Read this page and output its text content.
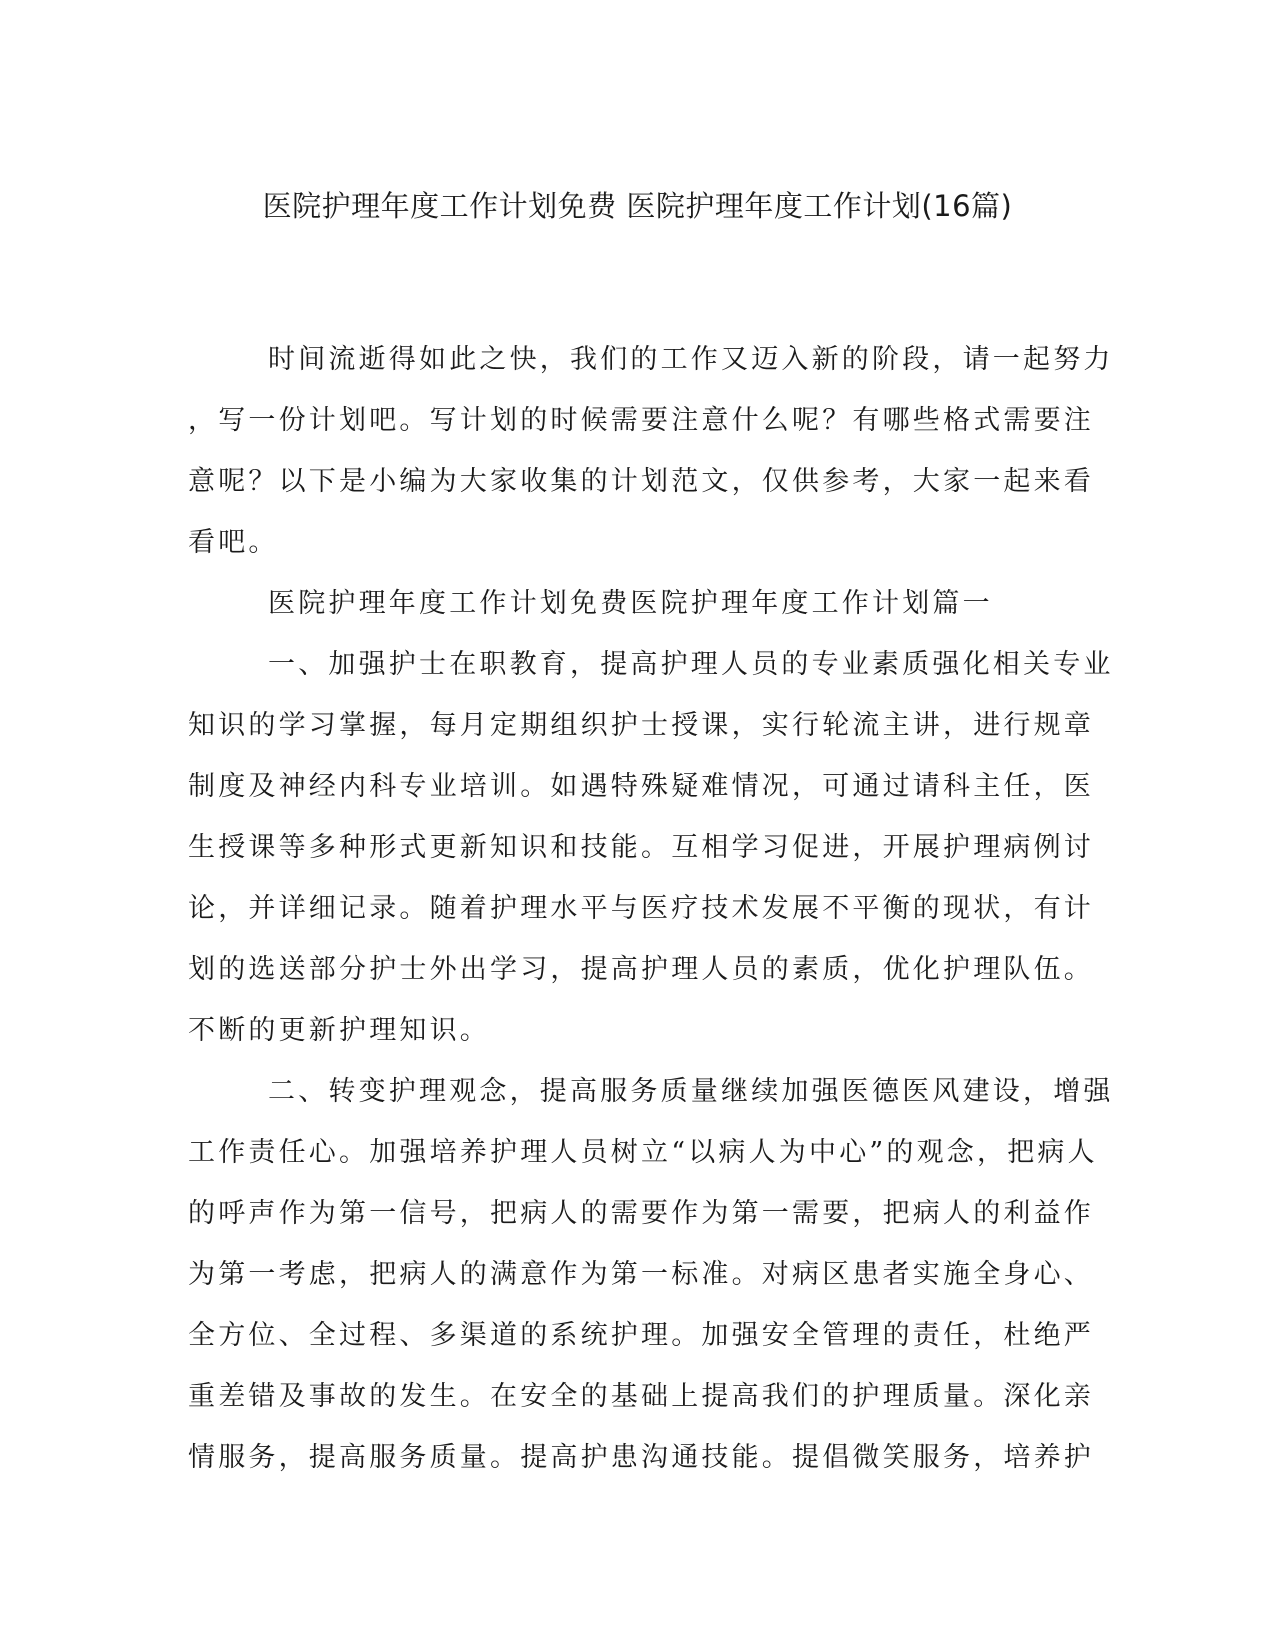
医院护理年度工作计划免费 医院护理年度工作计划(16篇)

时间流逝得如此之快，我们的工作又迈入新的阶段，请一起努力
，写一份计划吧。写计划的时候需要注意什么呢？有哪些格式需要注
意呢？以下是小编为大家收集的计划范文，仅供参考，大家一起来看
看吧。

医院护理年度工作计划免费医院护理年度工作计划篇一

一、加强护士在职教育，提高护理人员的专业素质强化相关专业
知识的学习掌握，每月定期组织护士授课，实行轮流主讲，进行规章
制度及神经内科专业培训。如遇特殊疑难情况，可通过请科主任，医
生授课等多种形式更新知识和技能。互相学习促进，开展护理病例讨
论，并详细记录。随着护理水平与医疗技术发展不平衡的现状，有计
划的选送部分护士外出学习，提高护理人员的素质，优化护理队伍。
不断的更新护理知识。

二、转变护理观念，提高服务质量继续加强医德医风建设，增强
工作责任心。加强培养护理人员树立“以病人为中心”的观念，把病人
的呼声作为第一信号，把病人的需要作为第一需要，把病人的利益作
为第一考虑，把病人的满意作为第一标准。对病区患者实施全身心、
全方位、全过程、多渠道的系统护理。加强安全管理的责任，杜绝严
重差错及事故的发生。在安全的基础上提高我们的护理质量。深化亲
情服务，提高服务质量。提高护患沟通技能。提倡微笑服务，培养护
